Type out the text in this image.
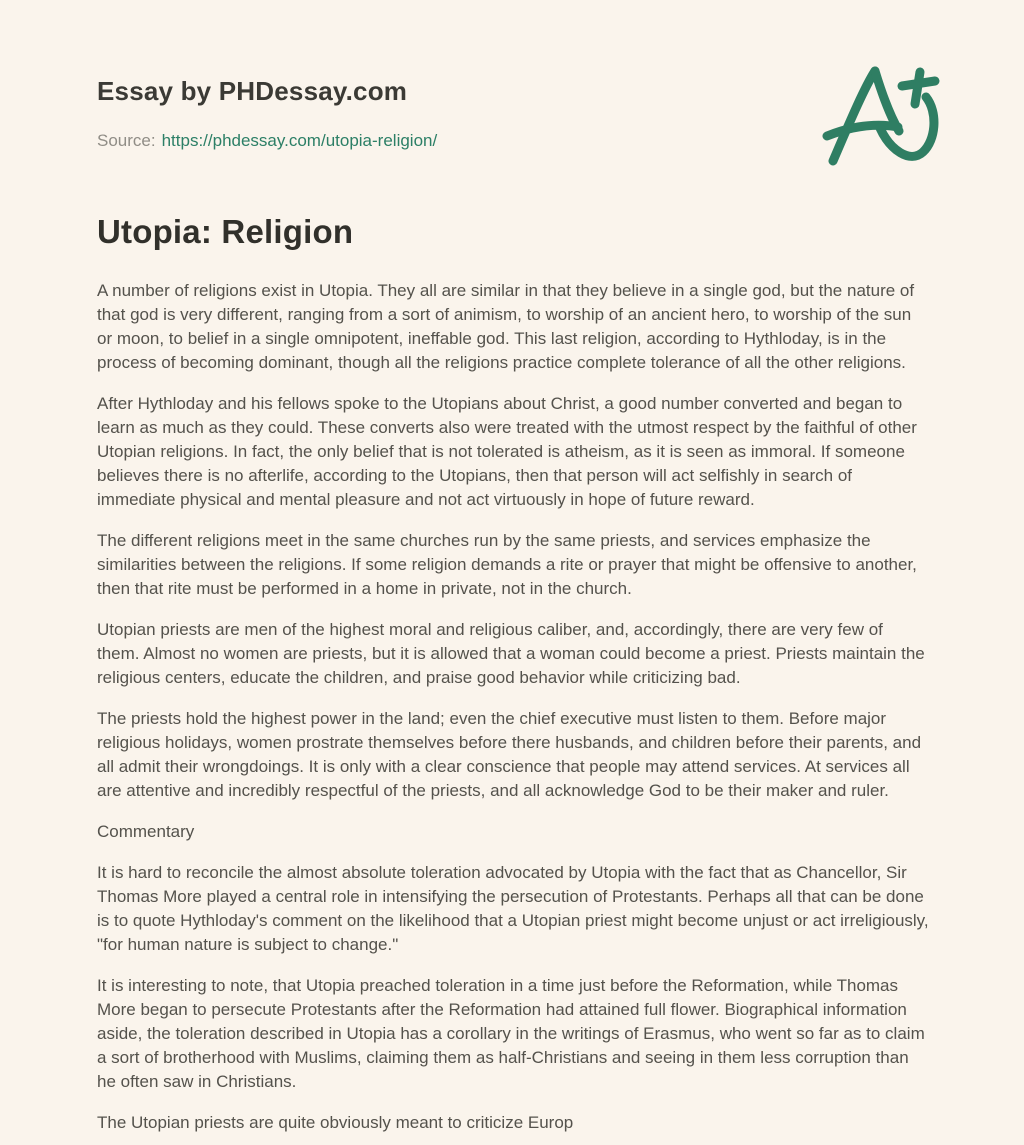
Essay by PHDessay.com

Source: https://phdessay.com/utopia-religion/

Utopia: Religion

A number of religions exist in Utopia. They all are similar in that they believe in a single god, but the nature of that god is very different, ranging from a sort of animism, to worship of an ancient hero, to worship of the sun or moon, to belief in a single omnipotent, ineffable god. This last religion, according to Hythloday, is in the process of becoming dominant, though all the religions practice complete tolerance of all the other religions.

After Hythloday and his fellows spoke to the Utopians about Christ, a good number converted and began to learn as much as they could. These converts also were treated with the utmost respect by the faithful of other Utopian religions. In fact, the only belief that is not tolerated is atheism, as it is seen as immoral. If someone believes there is no afterlife, according to the Utopians, then that person will act selfishly in search of immediate physical and mental pleasure and not act virtuously in hope of future reward.

The different religions meet in the same churches run by the same priests, and services emphasize the similarities between the religions. If some religion demands a rite or prayer that might be offensive to another, then that rite must be performed in a home in private, not in the church.

Utopian priests are men of the highest moral and religious caliber, and, accordingly, there are very few of them. Almost no women are priests, but it is allowed that a woman could become a priest. Priests maintain the religious centers, educate the children, and praise good behavior while criticizing bad.

The priests hold the highest power in the land; even the chief executive must listen to them. Before major religious holidays, women prostrate themselves before there husbands, and children before their parents, and all admit their wrongdoings. It is only with a clear conscience that people may attend services. At services all are attentive and incredibly respectful of the priests, and all acknowledge God to be their maker and ruler.

Commentary

It is hard to reconcile the almost absolute toleration advocated by Utopia with the fact that as Chancellor, Sir Thomas More played a central role in intensifying the persecution of Protestants. Perhaps all that can be done is to quote Hythloday's comment on the likelihood that a Utopian priest might become unjust or act irreligiously, "for human nature is subject to change."

It is interesting to note, that Utopia preached toleration in a time just before the Reformation, while Thomas More began to persecute Protestants after the Reformation had attained full flower. Biographical information aside, the toleration described in Utopia has a corollary in the writings of Erasmus, who went so far as to claim a sort of brotherhood with Muslims, claiming them as half-Christians and seeing in them less corruption than he often saw in Christians.

The Utopian priests are quite obviously meant to criticize Europ
